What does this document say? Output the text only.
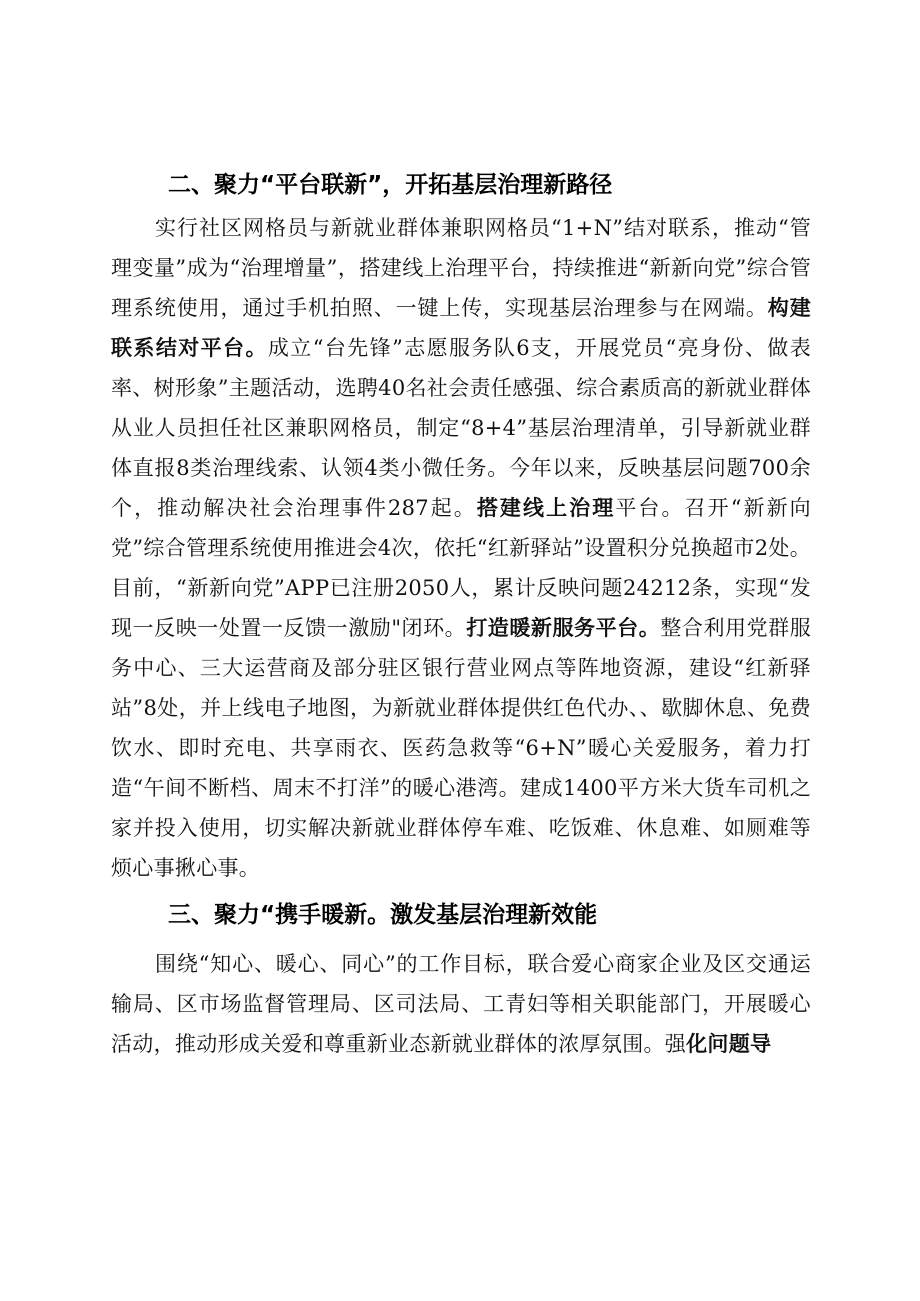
二、聚力“平台联新”，开拓基层治理新路径

实行社区网格员与新就业群体兼职网格员“1+N”结对联系，推动“管理变量”成为“治理增量”，搭建线上治理平台，持续推进“新新向党”综合管理系统使用，通过手机拍照、一键上传，实现基层治理参与在网端。构建联系结对平台。成立“台先锋”志愿服务队6支，开展党员“亮身份、做表率、树形象”主题活动，选聘40名社会责任感强、综合素质高的新就业群体从业人员担任社区兼职网格员，制定“8+4”基层治理清单，引导新就业群体直报8类治理线索、认领4类小微任务。今年以来，反映基层问题700余个，推动解决社会治理事件287起。搭建线上治理平台。召开“新新向党”综合管理系统使用推进会4次，依托“红新驿站”设置积分兑换超市2处。目前，“新新向党”APP已注册2050人，累计反映问题24212条，实现“发现一反映一处置一反馈一激励"闭环。打造暖新服务平台。整合利用党群服务中心、三大运营商及部分驻区银行营业网点等阵地资源，建设“红新驿站”8处，并上线电子地图，为新就业群体提供红色代办、、歇脚休息、免费饮水、即时充电、共享雨衣、医药急救等“6+N”暖心关爱服务，着力打造“午间不断档、周末不打洋”的暖心港湾。建成1400平方米大货车司机之家并投入使用，切实解决新就业群体停车难、吃饭难、休息难、如厕难等烦心事揪心事。

三、聚力“携手暖新。激发基层治理新效能

围绕“知心、暖心、同心”的工作目标，联合爱心商家企业及区交通运输局、区市场监督管理局、区司法局、工青妇等相关职能部门，开展暖心活动，推动形成关爱和尊重新业态新就业群体的浓厚氛围。强化问题导
